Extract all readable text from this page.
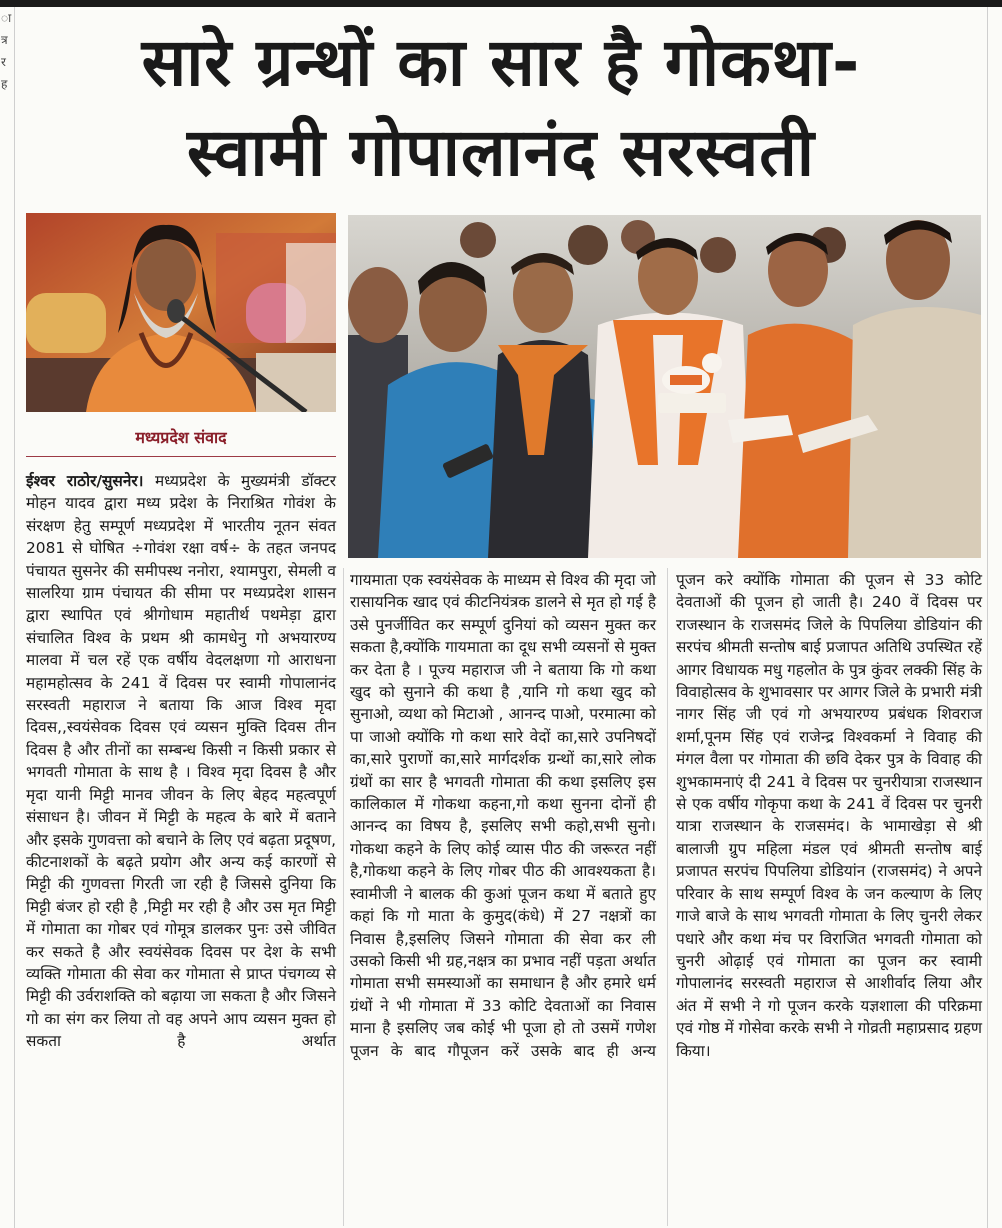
ा
त्र
र
ह	सारे ग्रन्थों का सार है गोकथा-
स्वामी गोपालानंद सरस्वती
मध्यप्रदेश संवाद

ईश्वर राठोर/सुसनेर। मध्यप्रदेश के मुख्यमंत्री डॉक्टर मोहन यादव द्वारा मध्य प्रदेश के निराश्रित गोवंश के संरक्षण हेतु सम्पूर्ण मध्यप्रदेश में भारतीय नूतन संवत 2081 से घोषित ÷गोवंश रक्षा वर्ष÷ के तहत जनपद पंचायत सुसनेर की समीपस्थ ननोरा, श्यामपुरा, सेमली व सालरिया ग्राम पंचायत की सीमा पर मध्यप्रदेश शासन द्वारा स्थापित एवं श्रीगोधाम महातीर्थ पथमेड़ा द्वारा संचालित विश्व के प्रथम श्री कामधेनु गो अभयारण्य मालवा में चल रहें एक वर्षीय वेदलक्षणा गो आराधना महामहोत्सव के 241 वें दिवस पर स्वामी गोपालानंद सरस्वती महाराज ने बताया कि आज विश्व मृदा दिवस,,स्वयंसेवक दिवस एवं व्यसन मुक्ति दिवस तीन दिवस है और तीनों का सम्बन्ध किसी न किसी प्रकार से भगवती गोमाता के साथ है । विश्व मृदा दिवस है और मृदा यानी मिट्टी मानव जीवन के लिए बेहद महत्वपूर्ण संसाधन है। जीवन में मिट्टी के महत्व के बारे में बताने और इसके गुणवत्ता को बचाने के लिए एवं बढ़ता प्रदूषण, कीटनाशकों के बढ़ते प्रयोग और अन्य कई कारणों से मिट्टी की गुणवत्ता गिरती जा रही है जिससे दुनिया कि मिट्टी बंजर हो रही है ,मिट्टी मर रही है और उस मृत मिट्टी में गोमाता का गोबर एवं गोमूत्र डालकर पुनः उसे जीवित कर सकते है और स्वयंसेवक दिवस पर देश के सभी व्यक्ति गोमाता की सेवा कर गोमाता से प्राप्त पंचगव्य से मिट्टी की उर्वराशक्ति को बढ़ाया जा सकता है और जिसने गो का संग कर लिया तो वह अपने आप व्यसन मुक्त हो सकता है अर्थात

गायमाता एक स्वयंसेवक के माध्यम से विश्व की मृदा जो रासायनिक खाद एवं कीटनियंत्रक डालने से मृत हो गई है उसे पुनर्जीवित कर सम्पूर्ण दुनियां को व्यसन मुक्त कर सकता है,क्योंकि गायमाता का दूध सभी व्यसनों से मुक्त कर देता है । पूज्य महाराज जी ने बताया कि गो कथा खुद को सुनाने की कथा है ,यानि गो कथा खुद को सुनाओ, व्यथा को मिटाओ , आनन्द पाओ, परमात्मा को पा जाओ क्योंकि गो कथा सारे वेदों का,सारे उपनिषदों का,सारे पुराणों का,सारे मार्गदर्शक ग्रन्थों का,सारे लोक ग्रंथों का सार है भगवती गोमाता की कथा इसलिए इस कालिकाल में गोकथा कहना,गो कथा सुनना दोनों ही आनन्द का विषय है, इसलिए सभी कहो,सभी सुनो। गोकथा कहने के लिए कोई व्यास पीठ की जरूरत नहीं है,गोकथा कहने के लिए गोबर पीठ की आवश्यकता है। स्वामीजी ने बालक की कुआं पूजन कथा में बताते हुए कहां कि गो माता के कुमुद(कंधे) में 27 नक्षत्रों का निवास है,इसलिए जिसने गोमाता की सेवा कर ली उसको किसी भी ग्रह,नक्षत्र का प्रभाव नहीं पड़ता अर्थात गोमाता सभी समस्याओं का समाधान है और हमारे धर्म ग्रंथों ने भी गोमाता में 33 कोटि देवताओं का निवास माना है इसलिए जब कोई भी पूजा हो तो उसमें गणेश पूजन के बाद गौपूजन करें उसके बाद ही अन्य

पूजन करे क्योंकि गोमाता की पूजन से 33 कोटि देवताओं की पूजन हो जाती है। 240 वें दिवस पर राजस्थान के राजसमंद जिले के पिपलिया डोडियांन की सरपंच श्रीमती सन्तोष बाई प्रजापत अतिथि उपस्थित रहें आगर विधायक मधु गहलोत के पुत्र कुंवर लक्की सिंह के विवाहोत्सव के शुभावसार पर आगर जिले के प्रभारी मंत्री नागर सिंह जी एवं गो अभयारण्य प्रबंधक शिवराज शर्मा,पूनम सिंह एवं राजेन्द्र विश्वकर्मा ने विवाह की मंगल वैला पर गोमाता की छवि देकर पुत्र के विवाह की शुभकामनाएं दी 241 वे दिवस पर चुनरीयात्रा राजस्थान से एक वर्षीय गोकृपा कथा के 241 वें दिवस पर चुनरी यात्रा राजस्थान के राजसमंद। के भामाखेड़ा से श्री बालाजी ग्रुप महिला मंडल एवं श्रीमती सन्तोष बाई प्रजापत सरपंच पिपलिया डोडियांन (राजसमंद) ने अपने परिवार के साथ सम्पूर्ण विश्व के जन कल्याण के लिए गाजे बाजे के साथ भगवती गोमाता के लिए चुनरी लेकर पधारे और कथा मंच पर विराजित भगवती गोमाता को चुनरी ओढ़ाई एवं गोमाता का पूजन कर स्वामी गोपालानंद सरस्वती महाराज से आशीर्वाद लिया और अंत में सभी ने गो पूजन करके यज्ञशाला की परिक्रमा एवं गोष्ठ में गोसेवा करके सभी ने गोव्रती महाप्रसाद ग्रहण किया।
